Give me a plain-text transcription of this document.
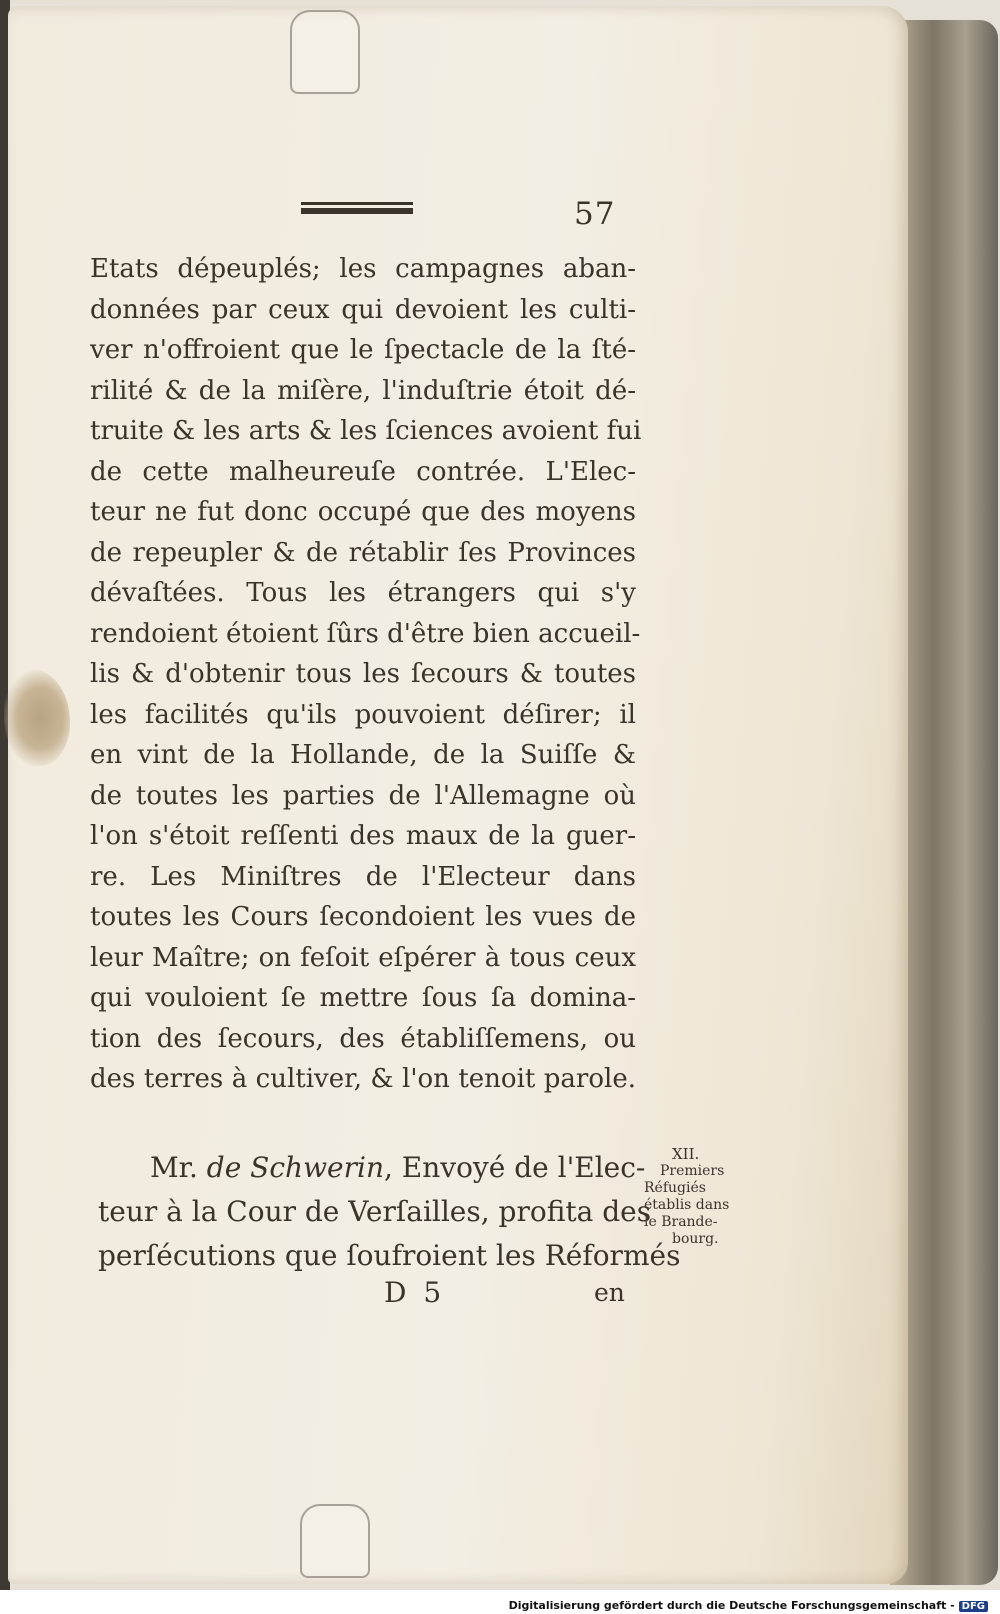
57
Etats dépeuplés; les campagnes aban-
données par ceux qui devoient les culti-
ver n'offroient que le ſpectacle de la ſté-
rilité & de la miſère, l'induſtrie étoit dé-
truite & les arts & les ſciences avoient fui
de cette malheureuſe contrée. L'Elec-
teur ne fut donc occupé que des moyens
de repeupler & de rétablir ſes Provinces
dévaſtées. Tous les étrangers qui s'y
rendoient étoient ſûrs d'être bien accueil-
lis & d'obtenir tous les ſecours & toutes
les facilités qu'ils pouvoient déſirer; il
en vint de la Hollande, de la Suiſſe &
de toutes les parties de l'Allemagne où
l'on s'étoit reſſenti des maux de la guer-
re. Les Miniſtres de l'Electeur dans
toutes les Cours ſecondoient les vues de
leur Maître; on feſoit eſpérer à tous ceux
qui vouloient ſe mettre ſous ſa domina-
tion des ſecours, des établiſſemens, ou
des terres à cultiver, & l'on tenoit parole.
Mr. de Schwerin, Envoyé de l'Elec-
teur à la Cour de Verſailles, profita des
perſécutions que ſoufroient les Réformés
XII.
Premiers
Réfugiés
établis dans
le Brande-
bourg.
D 5	en
Digitalisierung gefördert durch die Deutsche Forschungsgemeinschaft - DFG
